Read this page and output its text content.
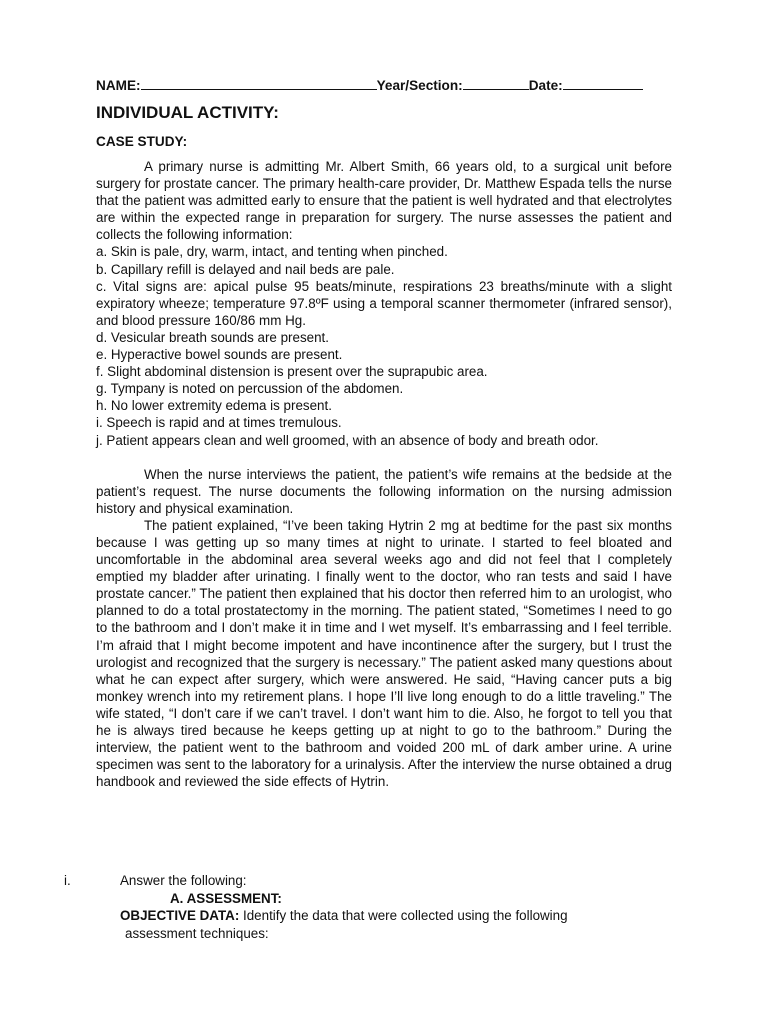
NAME:	Year/Section:	Date:

INDIVIDUAL ACTIVITY:

CASE STUDY:

A primary nurse is admitting Mr. Albert Smith, 66 years old, to a surgical unit before surgery for prostate cancer. The primary health-care provider, Dr. Matthew Espada tells the nurse that the patient was admitted early to ensure that the patient is well hydrated and that electrolytes are within the expected range in preparation for surgery. The nurse assesses the patient and collects the following information:

a. Skin is pale, dry, warm, intact, and tenting when pinched.
b. Capillary refill is delayed and nail beds are pale.
c. Vital signs are: apical pulse 95 beats/minute, respirations 23 breaths/minute with a slight expiratory wheeze; temperature 97.8ºF using a temporal scanner thermometer (infrared sensor), and blood pressure 160/86 mm Hg.
d. Vesicular breath sounds are present.
e. Hyperactive bowel sounds are present.
f. Slight abdominal distension is present over the suprapubic area.
g. Tympany is noted on percussion of the abdomen.
h. No lower extremity edema is present.
i. Speech is rapid and at times tremulous.
j. Patient appears clean and well groomed, with an absence of body and breath odor.

When the nurse interviews the patient, the patient’s wife remains at the bedside at the patient’s request. The nurse documents the following information on the nursing admission history and physical examination.

The patient explained, “I’ve been taking Hytrin 2 mg at bedtime for the past six months because I was getting up so many times at night to urinate. I started to feel bloated and uncomfortable in the abdominal area several weeks ago and did not feel that I completely emptied my bladder after urinating. I finally went to the doctor, who ran tests and said I have prostate cancer.” The patient then explained that his doctor then referred him to an urologist, who planned to do a total prostatectomy in the morning. The patient stated, “Sometimes I need to go to the bathroom and I don’t make it in time and I wet myself. It’s embarrassing and I feel terrible. I’m afraid that I might become impotent and have incontinence after the surgery, but I trust the urologist and recognized that the surgery is necessary.” The patient asked many questions about what he can expect after surgery, which were answered. He said, “Having cancer puts a big monkey wrench into my retirement plans. I hope I’ll live long enough to do a little traveling.” The wife stated, “I don’t care if we can’t travel. I don’t want him to die. Also, he forgot to tell you that he is always tired because he keeps getting up at night to go to the bathroom.” During the interview, the patient went to the bathroom and voided 200 mL of dark amber urine. A urine specimen was sent to the laboratory for a urinalysis. After the interview the nurse obtained a drug handbook and reviewed the side effects of Hytrin.

i.	Answer the following:
A. ASSESSMENT:
OBJECTIVE DATA: Identify the data that were collected using the following
assessment techniques:
